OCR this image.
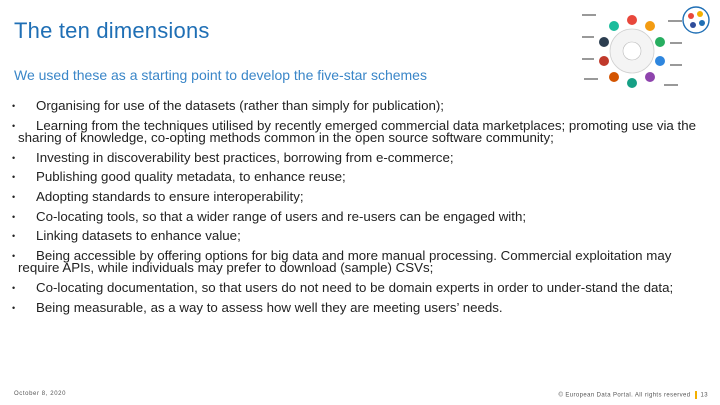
The ten dimensions
We used these as a starting point to develop the five-star schemes
• Organising for use of the datasets (rather than simply for publication);
• Learning from the techniques utilised by recently emerged commercial data marketplaces; promoting use via the sharing of knowledge, co-opting methods common in the open source software community;
• Investing in discoverability best practices, borrowing from e-commerce;
• Publishing good quality metadata, to enhance reuse;
• Adopting standards to ensure interoperability;
• Co-locating tools, so that a wider range of users and re-users can be engaged with;
• Linking datasets to enhance value;
• Being accessible by offering options for big data and more manual processing. Commercial exploitation may require APIs, while individuals may prefer to download (sample) CSVs;
• Co-locating documentation, so that users do not need to be domain experts in order to under-stand the data;
• Being measurable, as a way to assess how well they are meeting users’ needs.
October 8, 2020	© European Data Portal. All rights reserved 13
